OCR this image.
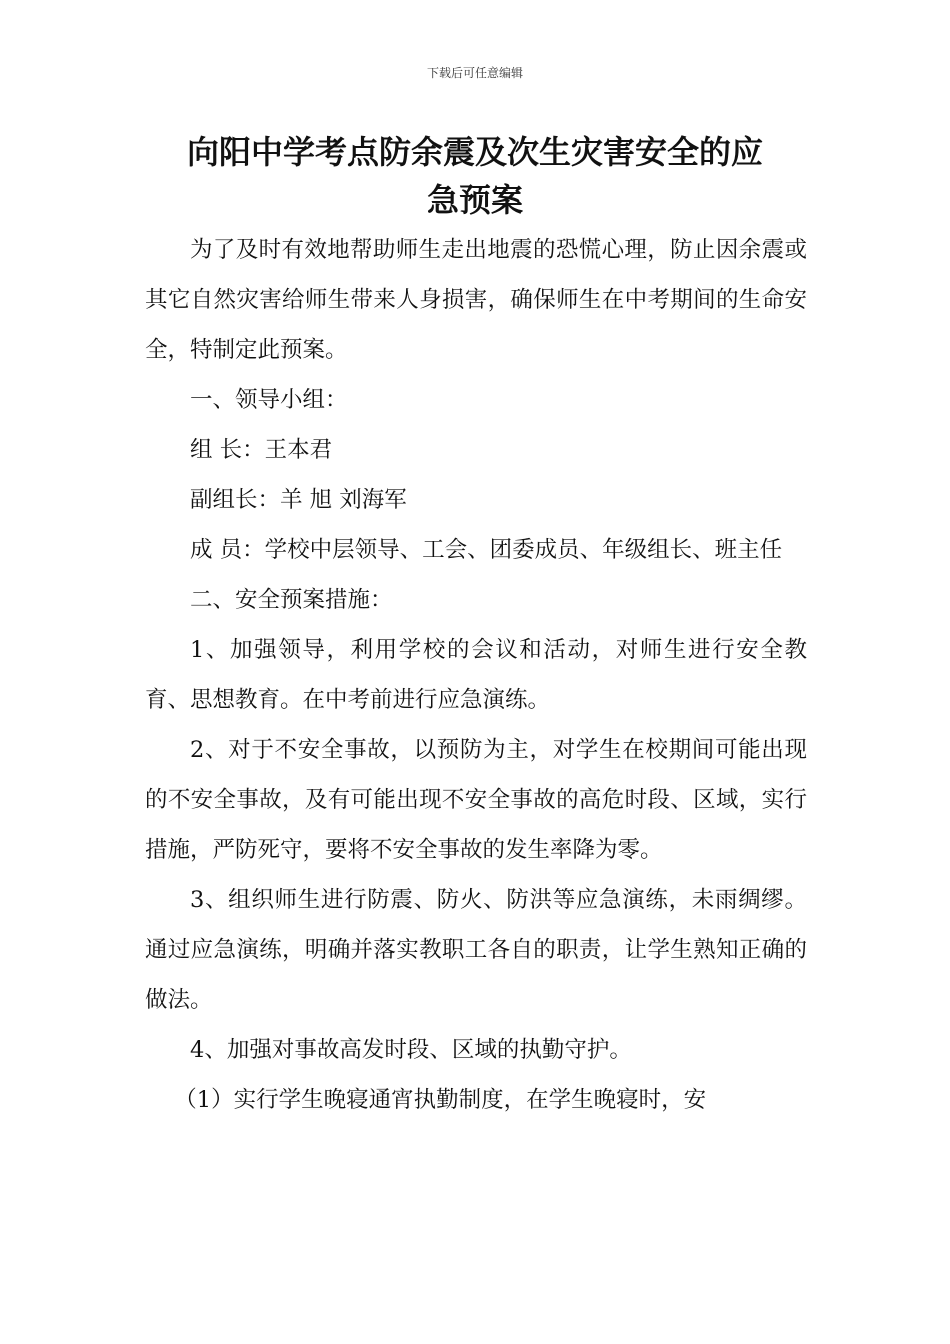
下载后可任意编辑
向阳中学考点防余震及次生灾害安全的应
急预案

为了及时有效地帮助师生走出地震的恐慌心理，防止因余震或其它自然灾害给师生带来人身损害，确保师生在中考期间的生命安全，特制定此预案。

一、领导小组：

组 长：王本君

副组长：羊 旭 刘海军

成 员：学校中层领导、工会、团委成员、年级组长、班主任

二、安全预案措施：

1、加强领导，利用学校的会议和活动，对师生进行安全教育、思想教育。在中考前进行应急演练。

2、对于不安全事故，以预防为主，对学生在校期间可能出现的不安全事故，及有可能出现不安全事故的高危时段、区域，实行措施，严防死守，要将不安全事故的发生率降为零。

3、组织师生进行防震、防火、防洪等应急演练，未雨绸缪。通过应急演练，明确并落实教职工各自的职责，让学生熟知正确的做法。

4、加强对事故高发时段、区域的执勤守护。

（1）实行学生晚寝通宵执勤制度，在学生晚寝时，安
